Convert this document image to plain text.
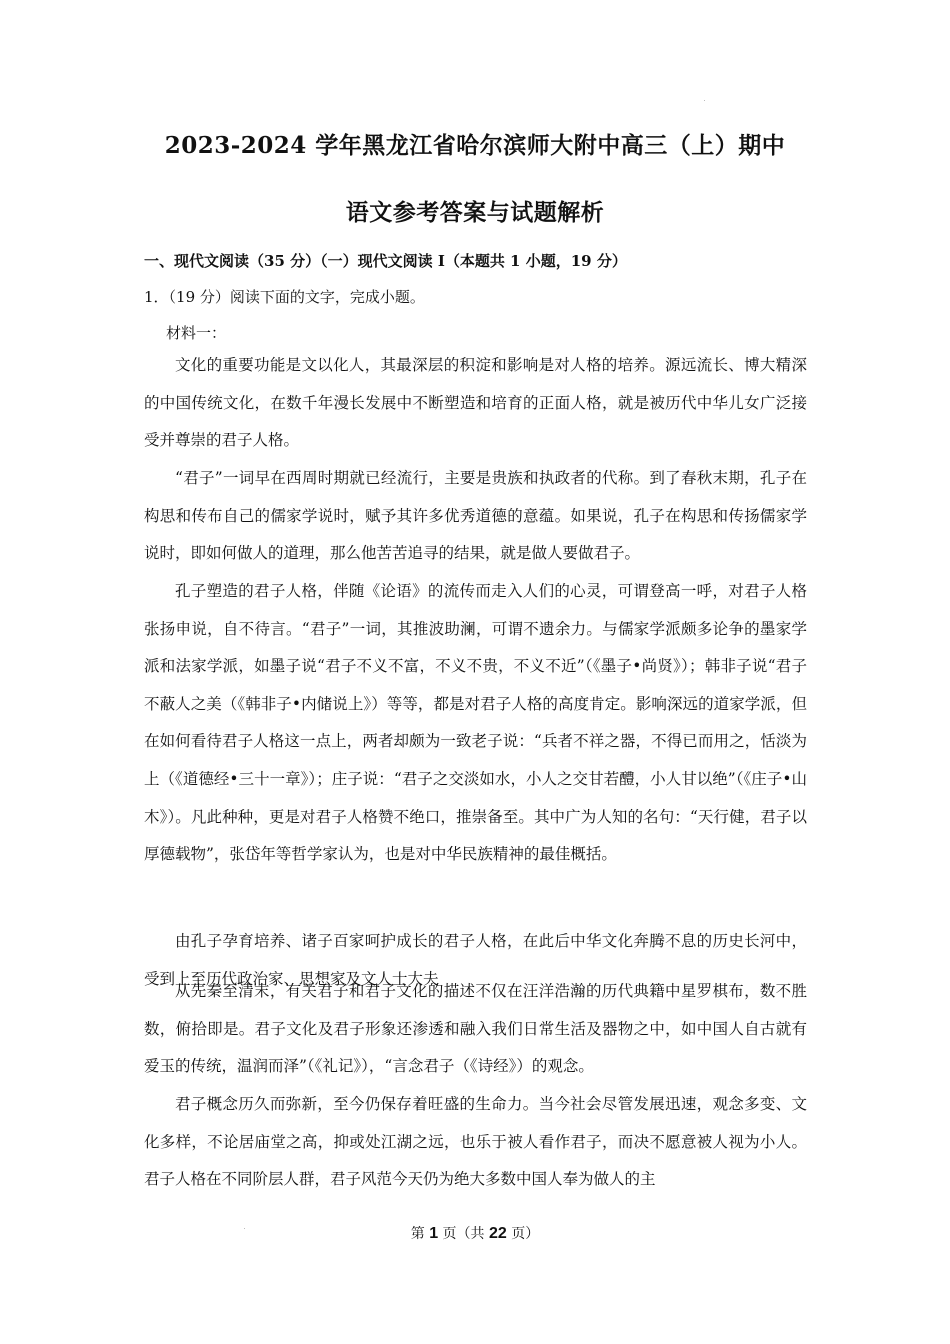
2023-2024 学年黑龙江省哈尔滨师大附中高三（上）期中
语文参考答案与试题解析
一、现代文阅读（35 分）（一）现代文阅读 I（本题共 1 小题，19 分）
1．（19 分）阅读下面的文字，完成小题。
材料一：

文化的重要功能是文以化人，其最深层的积淀和影响是对人格的培养。源远流长、博大精深的中国传统文化，在数千年漫长发展中不断塑造和培育的正面人格，就是被历代中华儿女广泛接受并尊崇的君子人格。

“君子”一词早在西周时期就已经流行，主要是贵族和执政者的代称。到了春秋末期，孔子在构思和传布自己的儒家学说时，赋予其许多优秀道德的意蕴。如果说，孔子在构思和传扬儒家学说时，即如何做人的道理，那么他苦苦追寻的结果，就是做人要做君子。

孔子塑造的君子人格，伴随《论语》的流传而走入人们的心灵，可谓登高一呼，对君子人格张扬申说，自不待言。“君子”一词，其推波助澜，可谓不遗余力。与儒家学派颇多论争的墨家学派和法家学派，如墨子说“君子不义不富，不义不贵，不义不近”（《墨子•尚贤》）；韩非子说“君子不蔽人之美（《韩非子•内储说上》）等等，都是对君子人格的高度肯定。影响深远的道家学派，但在如何看待君子人格这一点上，两者却颇为一致老子说：“兵者不祥之器，不得已而用之，恬淡为上（《道德经•三十一章》）；庄子说：“君子之交淡如水，小人之交甘若醴，小人甘以绝”（《庄子•山木》）。凡此种种，更是对君子人格赞不绝口，推崇备至。其中广为人知的名句：“天行健，君子以厚德载物”，张岱年等哲学家认为，也是对中华民族精神的最佳概括。

由孔子孕育培养、诸子百家呵护成长的君子人格，在此后中华文化奔腾不息的历史长河中，受到上至历代政治家、思想家及文人士大夫

从先秦至清末，有关君子和君子文化的描述不仅在汪洋浩瀚的历代典籍中星罗棋布，数不胜数，俯拾即是。君子文化及君子形象还渗透和融入我们日常生活及器物之中，如中国人自古就有爱玉的传统，温润而泽”（《礼记》），“言念君子（《诗经》）的观念。

君子概念历久而弥新，至今仍保存着旺盛的生命力。当今社会尽管发展迅速，观念多变、文化多样，不论居庙堂之高，抑或处江湖之远，也乐于被人看作君子，而决不愿意被人视为小人。君子人格在不同阶层人群，君子风范今天仍为绝大多数中国人奉为做人的主

第 1 页（共 22 页）
